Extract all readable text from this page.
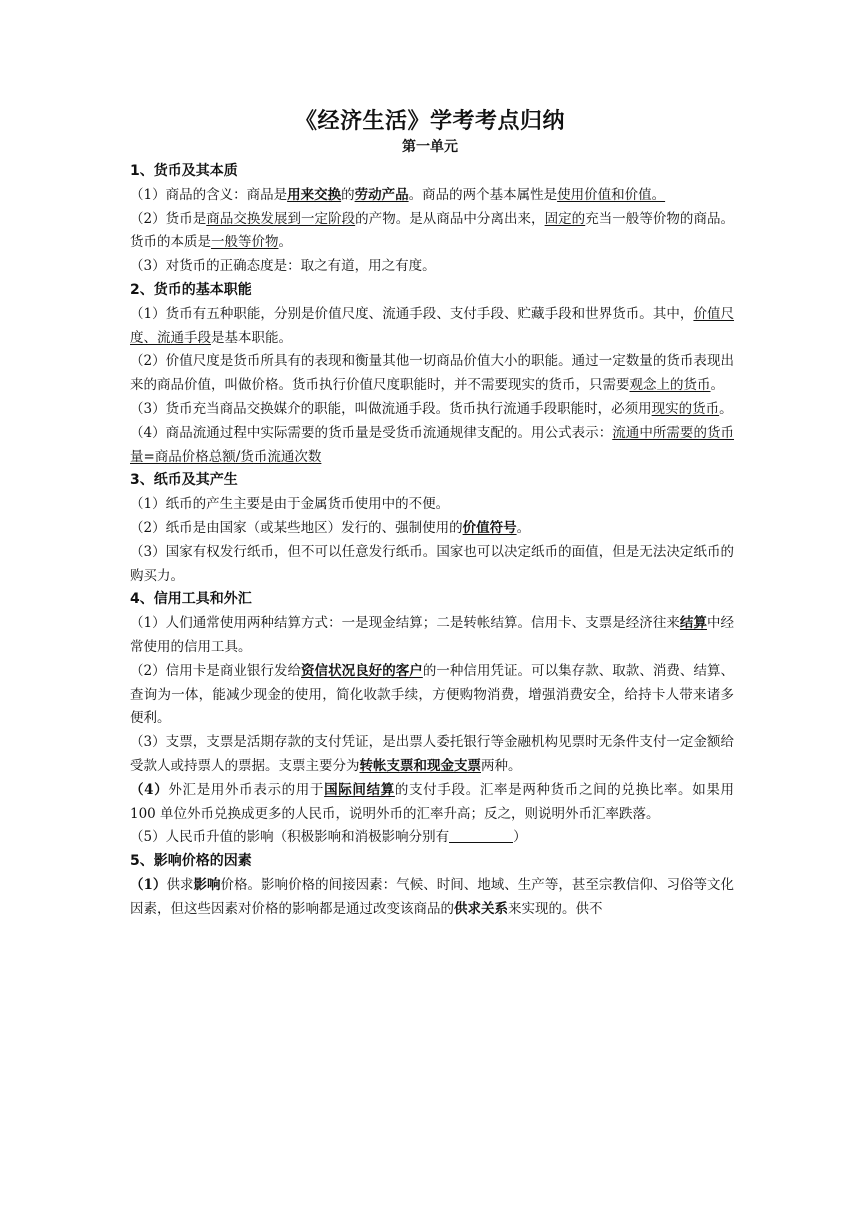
《经济生活》学考考点归纳
第一单元
1、货币及其本质

（1）商品的含义：商品是用来交换的劳动产品。商品的两个基本属性是使用价值和价值。

（2）货币是商品交换发展到一定阶段的产物。是从商品中分离出来，固定的充当一般等价物的商品。货币的本质是一般等价物。

（3）对货币的正确态度是：取之有道，用之有度。

2、货币的基本职能

（1）货币有五种职能，分别是价值尺度、流通手段、支付手段、贮藏手段和世界货币。其中，价值尺度、流通手段是基本职能。

（2）价值尺度是货币所具有的表现和衡量其他一切商品价值大小的职能。通过一定数量的货币表现出来的商品价值，叫做价格。货币执行价值尺度职能时，并不需要现实的货币，只需要观念上的货币。

（3）货币充当商品交换媒介的职能，叫做流通手段。货币执行流通手段职能时，必须用现实的货币。

（4）商品流通过程中实际需要的货币量是受货币流通规律支配的。用公式表示：流通中所需要的货币量=商品价格总额/货币流通次数

3、纸币及其产生

（1）纸币的产生主要是由于金属货币使用中的不便。

（2）纸币是由国家（或某些地区）发行的、强制使用的价值符号。

（3）国家有权发行纸币，但不可以任意发行纸币。国家也可以决定纸币的面值，但是无法决定纸币的购买力。

4、信用工具和外汇

（1）人们通常使用两种结算方式：一是现金结算；二是转帐结算。信用卡、支票是经济往来结算中经常使用的信用工具。

（2）信用卡是商业银行发给资信状况良好的客户的一种信用凭证。可以集存款、取款、消费、结算、查询为一体，能减少现金的使用，简化收款手续，方便购物消费，增强消费安全，给持卡人带来诸多便利。

（3）支票，支票是活期存款的支付凭证，是出票人委托银行等金融机构见票时无条件支付一定金额给受款人或持票人的票据。支票主要分为转帐支票和现金支票两种。

（4）外汇是用外币表示的用于国际间结算的支付手段。汇率是两种货币之间的兑换比率。如果用 100 单位外币兑换成更多的人民币，说明外币的汇率升高；反之，则说明外币汇率跌落。

（5）人民币升值的影响（积极影响和消极影响分别有	）

5、影响价格的因素

（1）供求影响价格。影响价格的间接因素：气候、时间、地域、生产等，甚至宗教信仰、习俗等文化因素，但这些因素对价格的影响都是通过改变该商品的供求关系来实现的。供不
